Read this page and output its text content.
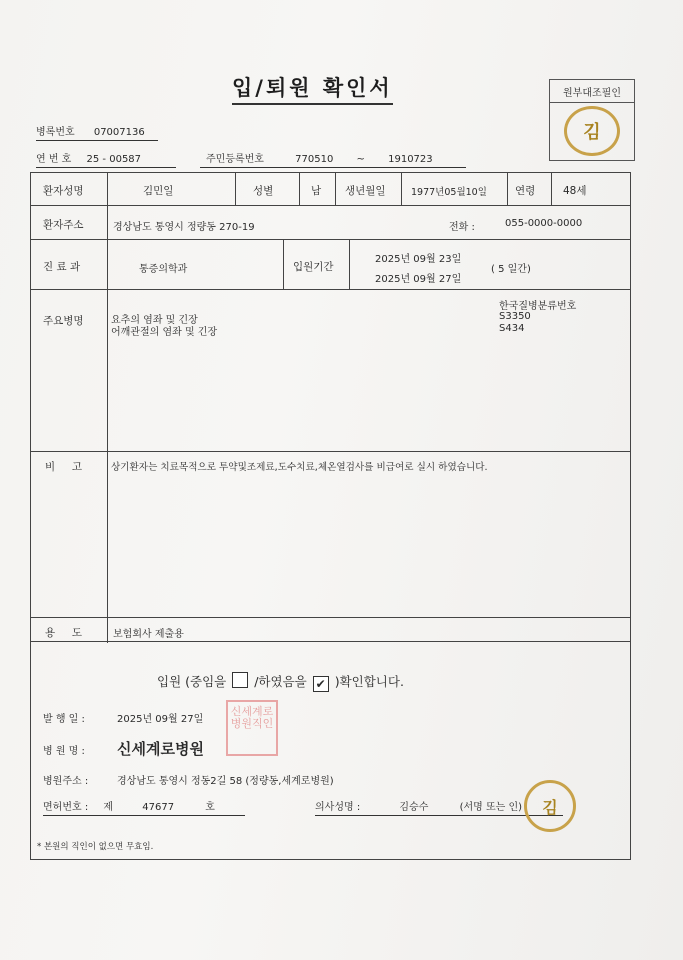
입/퇴원 확인서	원부대조필인
김
병록번호 07007136
연 번 호 25 - 00587	주민등록번호	770510 ~ 1910723
환자성명	김민일	성별	남 생년월일	1977년05월10일	연령	48세
환자주소	경상남도 통영시 정량동 270-19	전화 :	055-0000-0000
진 료 과	통증의학과	입원기간
2025년 09월 23일
2025년 09월 27일
( 5 일간)
주요병명
한국질병분류번호
요추의 염좌 및 긴장	S3350
어깨관절의 염좌 및 긴장	S434
비     고	상기환자는 치료목적으로 투약및조제료,도수치료,체온열검사를 비급여로 실시 하였습니다.
용     도	보험회사 제출용
입원 (중임을 /하였음을 ✔ )확인합니다.
발 행 일 :	2025년 09월 27일
병 원 명 : 신세계로병원
병원주소 :	경상남도 통영시 정동2길 58 (정량동,세계로병원)
면허번호 : 제	47677	호	의사성명 :	김승수	(서명 또는 인)
* 본원의 직인이 없으면 무효임.
신세계로
병원직인
김
